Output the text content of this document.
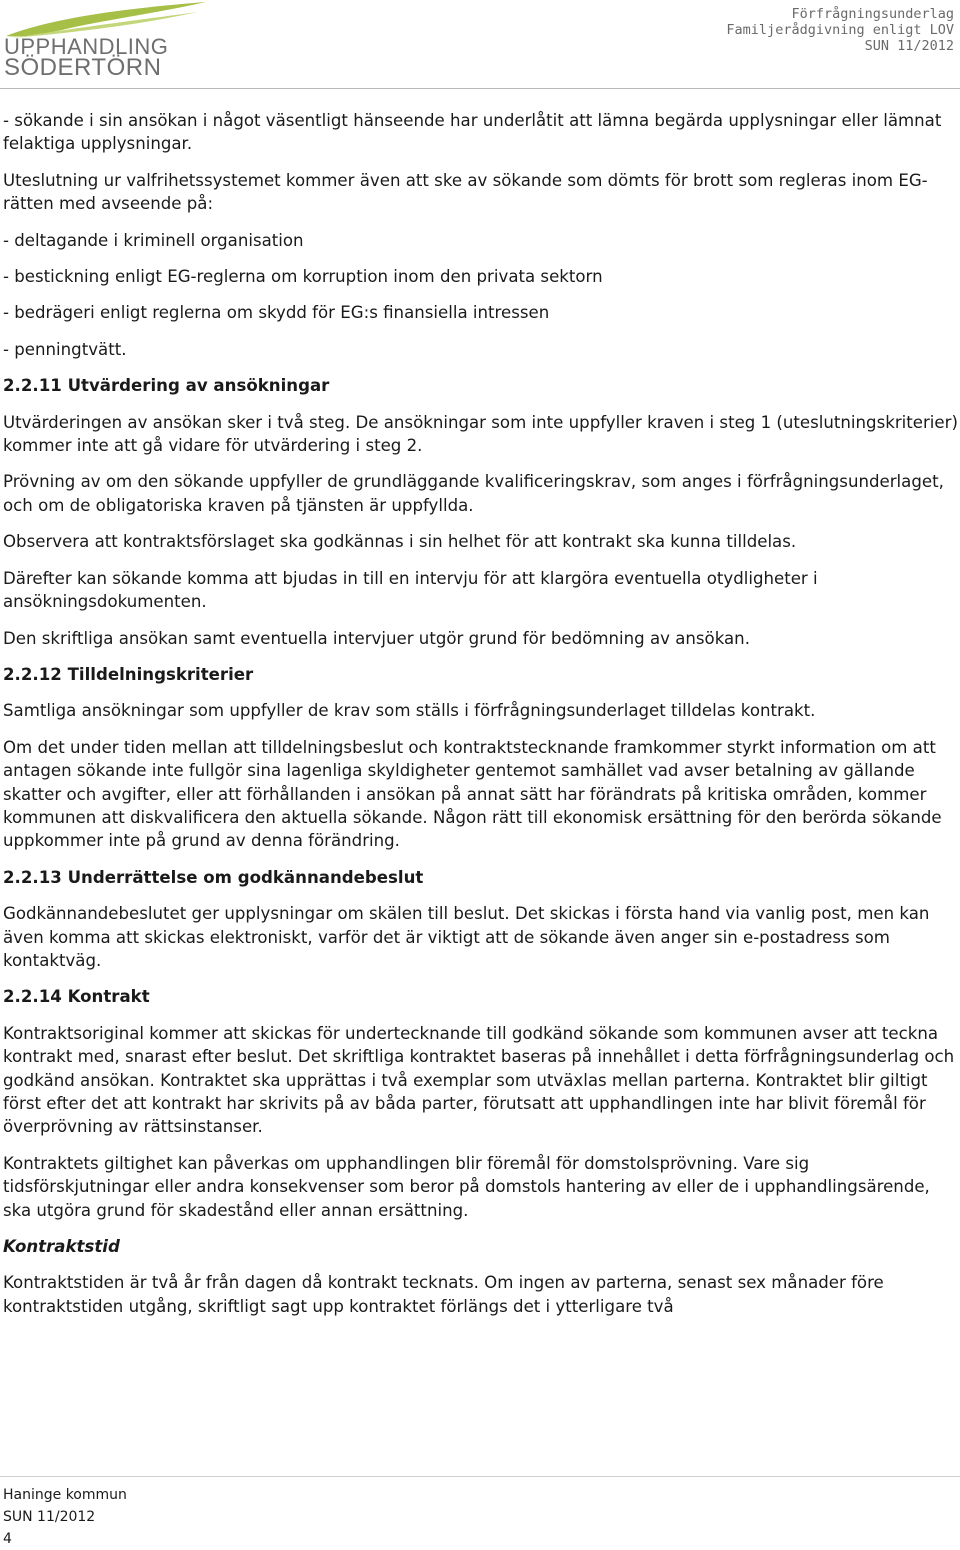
UPPHANDLING
SÖDERTÖRN
Förfrågningsunderlag
Familjerådgivning enligt LOV
SUN 11/2012

- sökande i sin ansökan i något väsentligt hänseende har underlåtit att lämna begärda upplysningar eller lämnat felaktiga upplysningar.

Uteslutning ur valfrihetssystemet kommer även att ske av sökande som dömts för brott som regleras inom EG-rätten med avseende på:

- deltagande i kriminell organisation
- bestickning enligt EG-reglerna om korruption inom den privata sektorn
- bedrägeri enligt reglerna om skydd för EG:s finansiella intressen
- penningtvätt.
2.2.11 Utvärdering av ansökningar

Utvärderingen av ansökan sker i två steg. De ansökningar som inte uppfyller kraven i steg 1 (uteslutningskriterier) kommer inte att gå vidare för utvärdering i steg 2.

Prövning av om den sökande uppfyller de grundläggande kvalificeringskrav, som anges i förfrågningsunderlaget, och om de obligatoriska kraven på tjänsten är uppfyllda.

Observera att kontraktsförslaget ska godkännas i sin helhet för att kontrakt ska kunna tilldelas.

Därefter kan sökande komma att bjudas in till en intervju för att klargöra eventuella otydligheter i ansökningsdokumenten.

Den skriftliga ansökan samt eventuella intervjuer utgör grund för bedömning av ansökan.

2.2.12 Tilldelningskriterier

Samtliga ansökningar som uppfyller de krav som ställs i förfrågningsunderlaget tilldelas kontrakt.

Om det under tiden mellan att tilldelningsbeslut och kontraktstecknande framkommer styrkt information om att antagen sökande inte fullgör sina lagenliga skyldigheter gentemot samhället vad avser betalning av gällande skatter och avgifter, eller att förhållanden i ansökan på annat sätt har förändrats på kritiska områden, kommer kommunen att diskvalificera den aktuella sökande. Någon rätt till ekonomisk ersättning för den berörda sökande uppkommer inte på grund av denna förändring.

2.2.13 Underrättelse om godkännandebeslut

Godkännandebeslutet ger upplysningar om skälen till beslut. Det skickas i första hand via vanlig post, men kan även komma att skickas elektroniskt, varför det är viktigt att de sökande även anger sin e-postadress som kontaktväg.

2.2.14 Kontrakt

Kontraktsoriginal kommer att skickas för undertecknande till godkänd sökande som kommunen avser att teckna kontrakt med, snarast efter beslut. Det skriftliga kontraktet baseras på innehållet i detta förfrågningsunderlag och godkänd ansökan. Kontraktet ska upprättas i två exemplar som utväxlas mellan parterna. Kontraktet blir giltigt först efter det att kontrakt har skrivits på av båda parter, förutsatt att upphandlingen inte har blivit föremål för överprövning av rättsinstanser.

Kontraktets giltighet kan påverkas om upphandlingen blir föremål för domstolsprövning. Vare sig tidsförskjutningar eller andra konsekvenser som beror på domstols hantering av eller de i upphandlingsärende, ska utgöra grund för skadestånd eller annan ersättning.

Kontraktstid

Kontraktstiden är två år från dagen då kontrakt tecknats. Om ingen av parterna, senast sex månader före kontraktstiden utgång, skriftligt sagt upp kontraktet förlängs det i ytterligare två

Haninge kommun
SUN 11/2012
4
